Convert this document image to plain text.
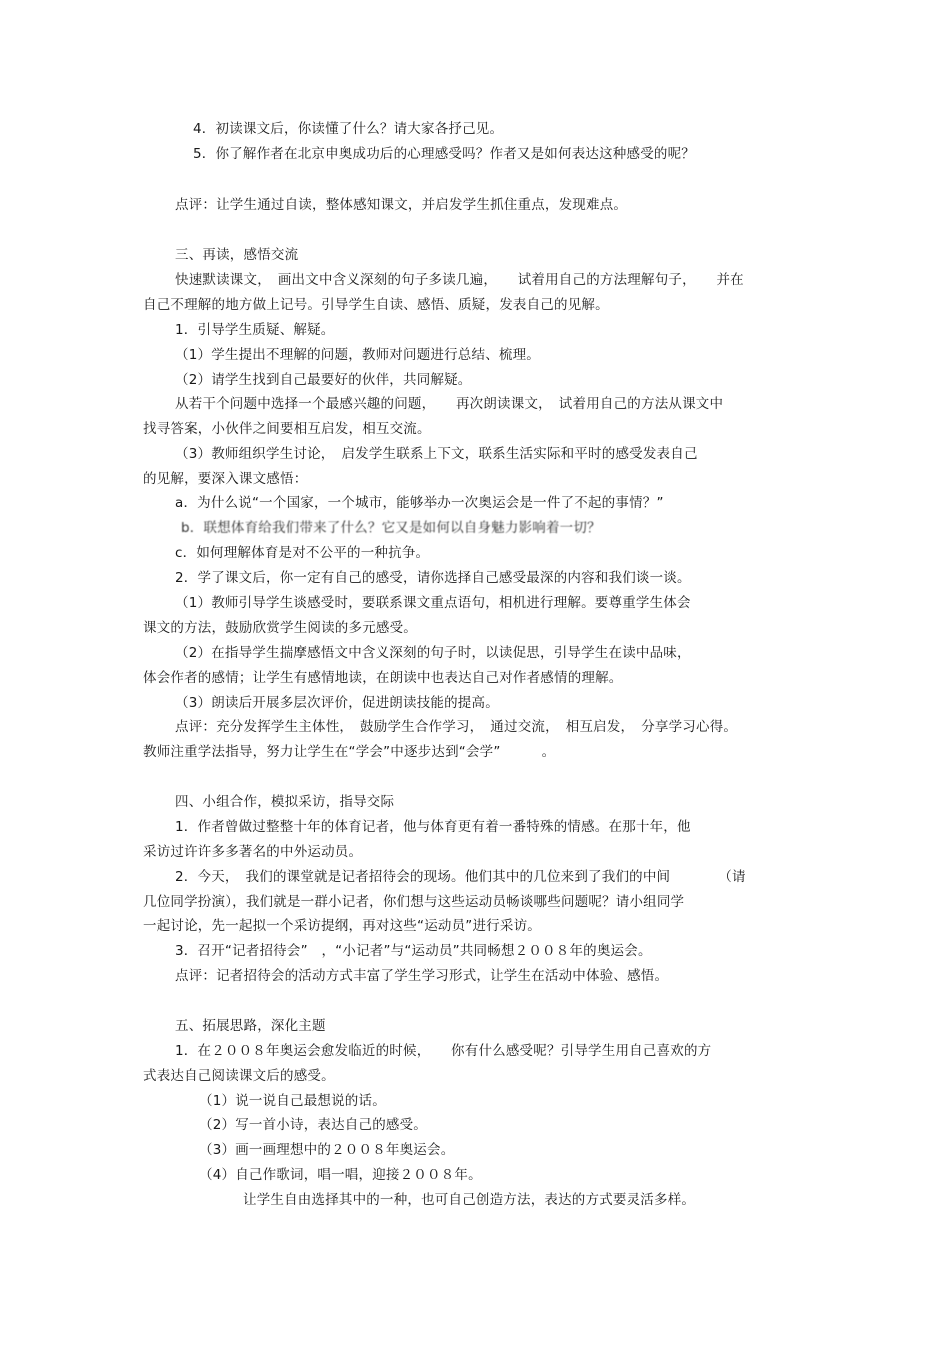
4．初读课文后，你读懂了什么？请大家各抒己见。
5．你了解作者在北京申奥成功后的心理感受吗？作者又是如何表达这种感受的呢？
点评：让学生通过自读，整体感知课文，并启发学生抓住重点，发现难点。
三、再读，感悟交流
快速默读课文，　画出文中含义深刻的句子多读几遍，　　试着用自己的方法理解句子，　　并在
自己不理解的地方做上记号。引导学生自读、感悟、质疑，发表自己的见解。
1．引导学生质疑、解疑。
（1）学生提出不理解的问题，教师对问题进行总结、梳理。
（2）请学生找到自己最要好的伙伴，共同解疑。
从若干个问题中选择一个最感兴趣的问题，　　再次朗读课文，　试着用自己的方法从课文中
找寻答案，小伙伴之间要相互启发，相互交流。
（3）教师组织学生讨论，　启发学生联系上下文，联系生活实际和平时的感受发表自己
的见解，要深入课文感悟：
a．为什么说“一个国家，一个城市，能够举办一次奥运会是一件了不起的事情？”
b．联想体育给我们带来了什么？它又是如何以自身魅力影响着一切？
c．如何理解体育是对不公平的一种抗争。
2．学了课文后，你一定有自己的感受，请你选择自己感受最深的内容和我们谈一谈。
（1）教师引导学生谈感受时，要联系课文重点语句，相机进行理解。要尊重学生体会
课文的方法，鼓励欣赏学生阅读的多元感受。
（2）在指导学生揣摩感悟文中含义深刻的句子时，以读促思，引导学生在读中品味，
体会作者的感情；让学生有感情地读，在朗读中也表达自己对作者感情的理解。
（3）朗读后开展多层次评价，促进朗读技能的提高。
点评：充分发挥学生主体性，　鼓励学生合作学习，　通过交流，　相互启发，　分享学习心得。
教师注重学法指导，努力让学生在“学会”中逐步达到“会学”　　　。
四、小组合作，模拟采访，指导交际
1．作者曾做过整整十年的体育记者，他与体育更有着一番特殊的情感。在那十年，他
采访过许许多多著名的中外运动员。
2．今天，　我们的课堂就是记者招待会的现场。他们其中的几位来到了我们的中间　　　　（请
几位同学扮演），我们就是一群小记者，你们想与这些运动员畅谈哪些问题呢？请小组同学
一起讨论，先一起拟一个采访提纲，再对这些“运动员”进行采访。
3．召开“记者招待会”　，“小记者”与“运动员”共同畅想２００８年的奥运会。
点评：记者招待会的活动方式丰富了学生学习形式，让学生在活动中体验、感悟。
五、拓展思路，深化主题
1．在２００８年奥运会愈发临近的时候，　　你有什么感受呢？引导学生用自己喜欢的方
式表达自己阅读课文后的感受。
（1）说一说自己最想说的话。
（2）写一首小诗，表达自己的感受。
（3）画一画理想中的２００８年奥运会。
（4）自己作歌词，唱一唱，迎接２００８年。
让学生自由选择其中的一种，也可自己创造方法，表达的方式要灵活多样。
